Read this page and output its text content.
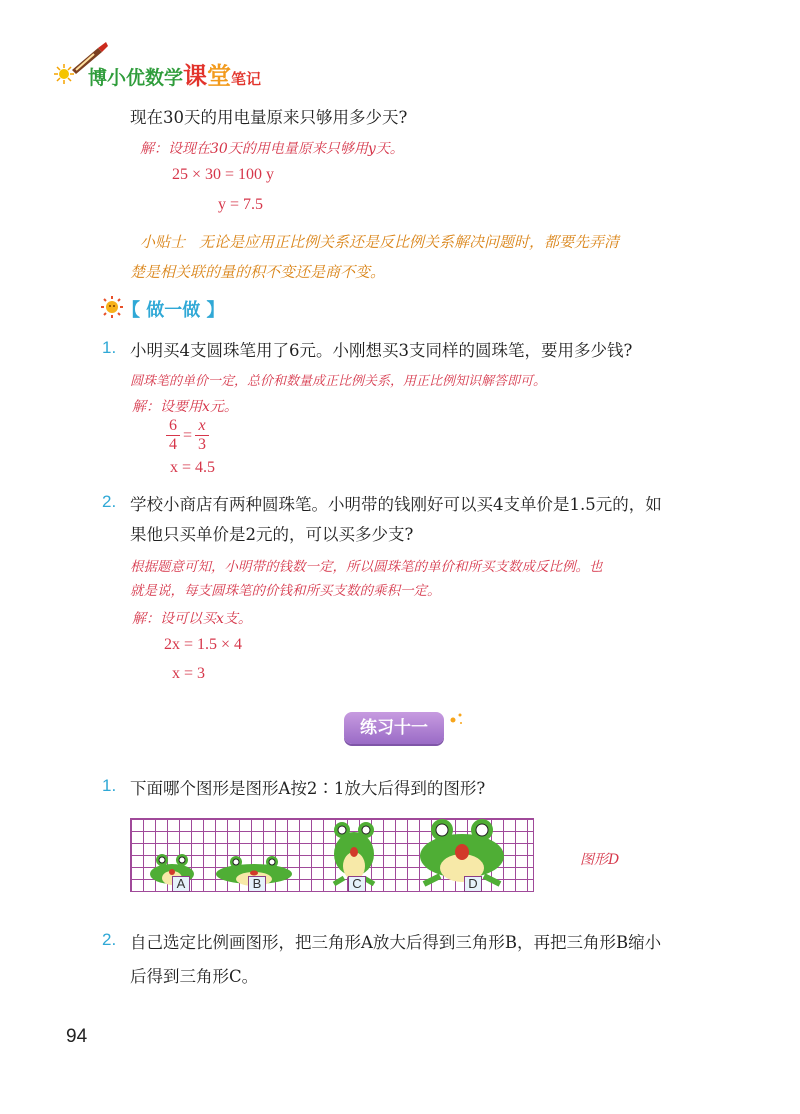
博小优数学课堂笔记
现在30天的用电量原来只够用多少天?
解：设现在30天的用电量原来只够用y天。
25 × 30 = 100 y
y = 7.5
小贴士 无论是应用正比例关系还是反比例关系解决问题时，都要先弄清
楚是相关联的量的积不变还是商不变。
【 做一做 】
1. 小明买4支圆珠笔用了6元。小刚想买3支同样的圆珠笔，要用多少钱?
圆珠笔的单价一定，总价和数量成正比例关系，用正比例知识解答即可。
解：设要用x元。
6
4
=
x
3
x = 4.5
2. 学校小商店有两种圆珠笔。小明带的钱刚好可以买4支单价是1.5元的，如
果他只买单价是2元的，可以买多少支?
根据题意可知，小明带的钱数一定，所以圆珠笔的单价和所买支数成反比例。也
就是说，每支圆珠笔的价钱和所买支数的乘积一定。
解：设可以买x支。
2x = 1.5 × 4
x = 3
练习十一
1. 下面哪个图形是图形A按2∶1放大后得到的图形?
A	B	C	D
图形D
2. 自己选定比例画图形，把三角形A放大后得到三角形B，再把三角形B缩小
后得到三角形C。
94
